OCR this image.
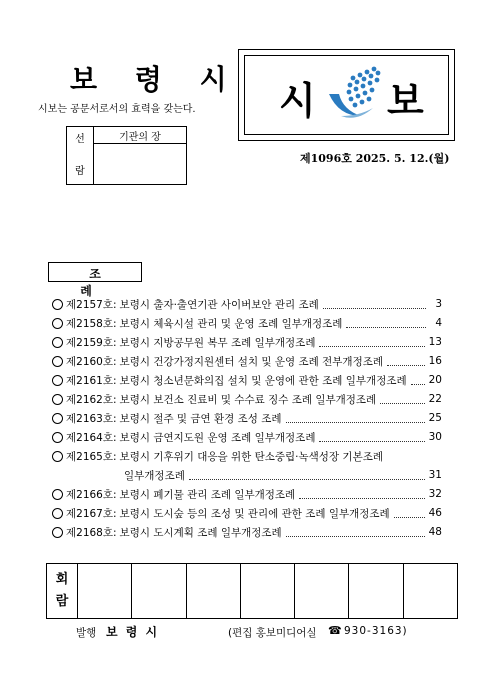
보 령 시
시보는 공문서로서의 효력을 갖는다. 시 보
제1096호 2025. 5. 12.(월)
선
람
	기관의 장

조 례
제2157호: 보령시 출자·출연기관 사이버보안 관리 조례	3
제2158호: 보령시 체육시설 관리 및 운영 조례 일부개정조례	4
제2159호: 보령시 지방공무원 복무 조례 일부개정조례	13
제2160호: 보령시 건강가정지원센터 설치 및 운영 조례 전부개정조례	16
제2161호: 보령시 청소년문화의집 설치 및 운영에 관한 조례 일부개정조례 20
제2162호: 보령시 보건소 진료비 및 수수료 징수 조례 일부개정조례	22
제2163호: 보령시 절주 및 금연 환경 조성 조례	25
제2164호: 보령시 금연지도원 운영 조례 일부개정조례	30
제2165호: 보령시 기후위기 대응을 위한 탄소중립·녹색성장 기본조례
일부개정조례	31
제2166호: 보령시 폐기물 관리 조례 일부개정조례	32
제2167호: 보령시 도시숲 등의 조성 및 관리에 관한 조례 일부개정조례	46
제2168호: 보령시 도시계획 조례 일부개정조례	48
회
람

발행 보 령 시	(편집 홍보미디어실 ☎ 930-3163)
